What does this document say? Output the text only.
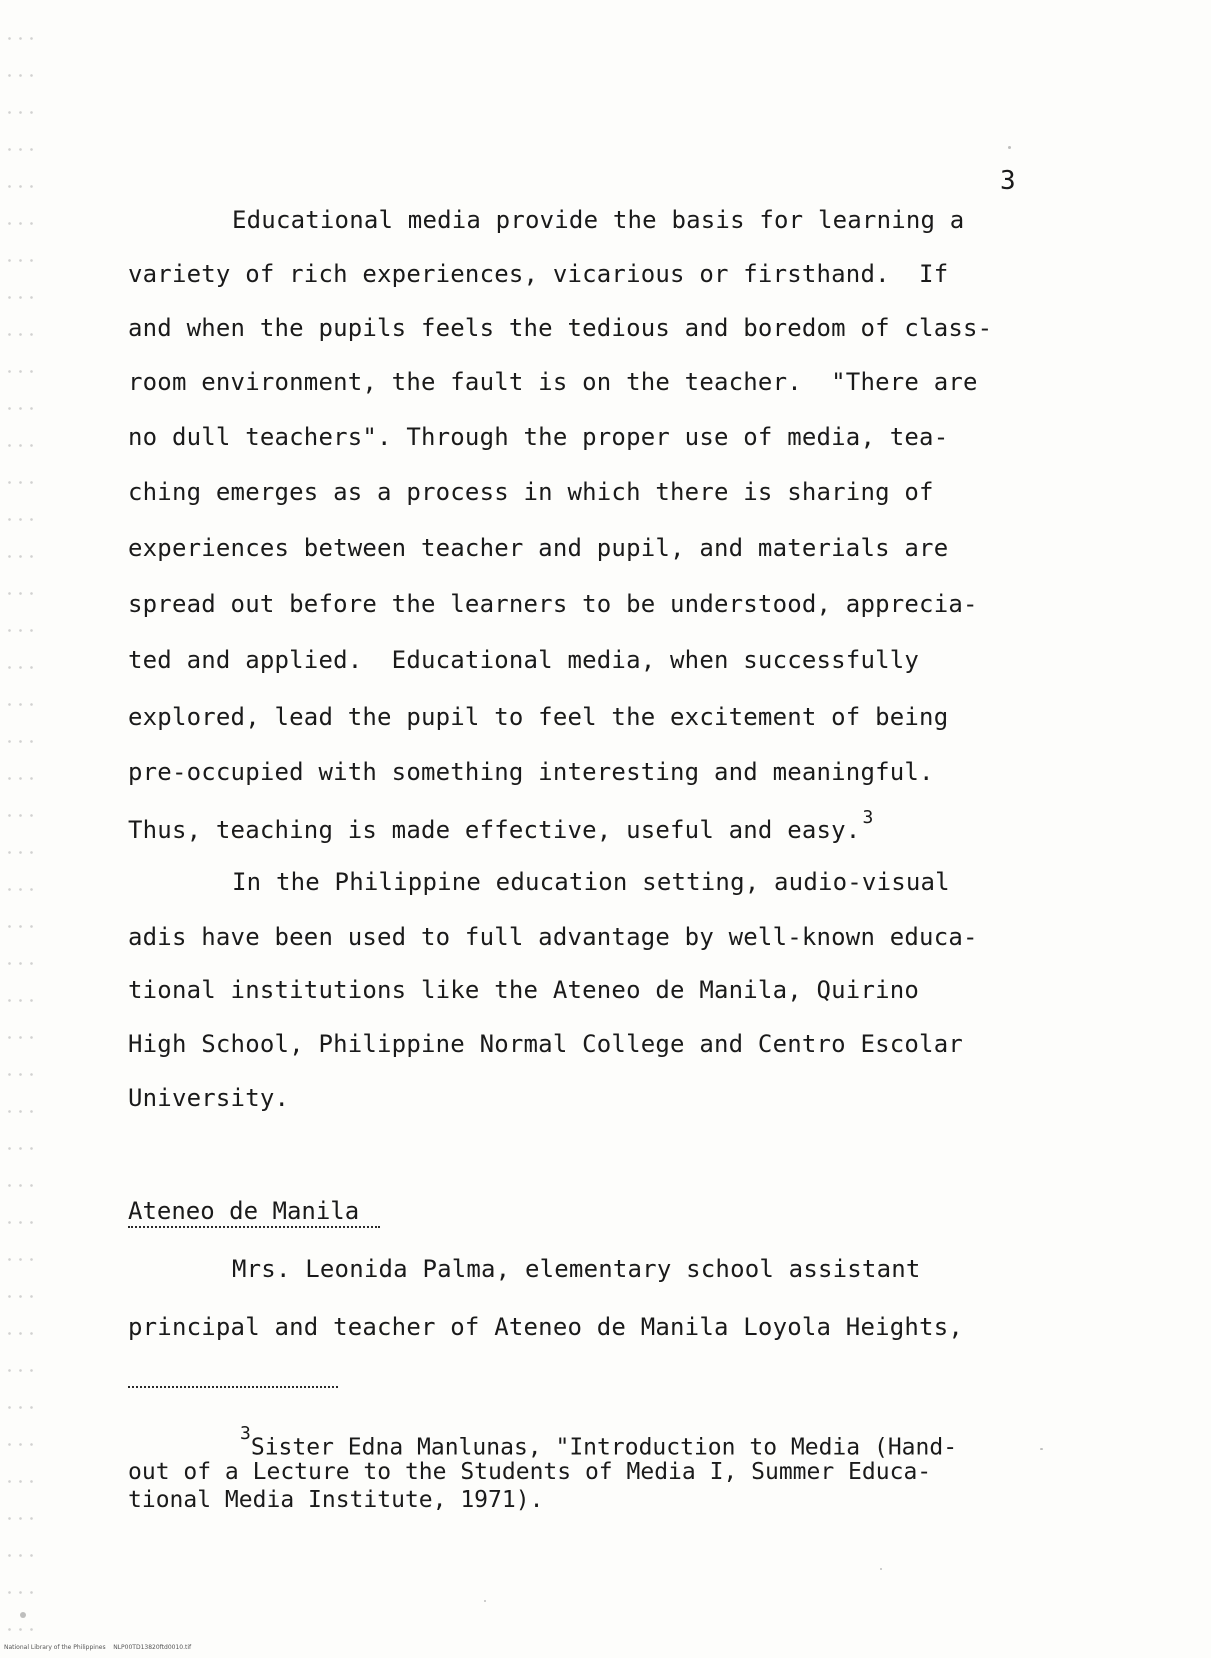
3
Educational media provide the basis for learning a
variety of rich experiences, vicarious or firsthand.  If
and when the pupils feels the tedious and boredom of class-
room environment, the fault is on the teacher.  "There are
no dull teachers". Through the proper use of media, tea-
ching emerges as a process in which there is sharing of
experiences between teacher and pupil, and materials are
spread out before the learners to be understood, apprecia-
ted and applied.  Educational media, when successfully
explored, lead the pupil to feel the excitement of being
pre-occupied with something interesting and meaningful.
Thus, teaching is made effective, useful and easy. $^3$
In the Philippine education setting, audio-visual
adis have been used to full advantage by well-known educa-
tional institutions like the Ateneo de Manila, Quirino
High School, Philippine Normal College and Centro Escolar
University.
Ateneo de Manila
Mrs. Leonida Palma, elementary school assistant
principal and teacher of Ateneo de Manila Loyola Heights,
$^3$Sister Edna Manlunas, "Introduction to Media (Hand-
out of a Lecture to the Students of Media I, Summer Educa-
tional Media Institute, 1971).
National Library of the Philippines    NLP00TD13820ftd0010.tif
